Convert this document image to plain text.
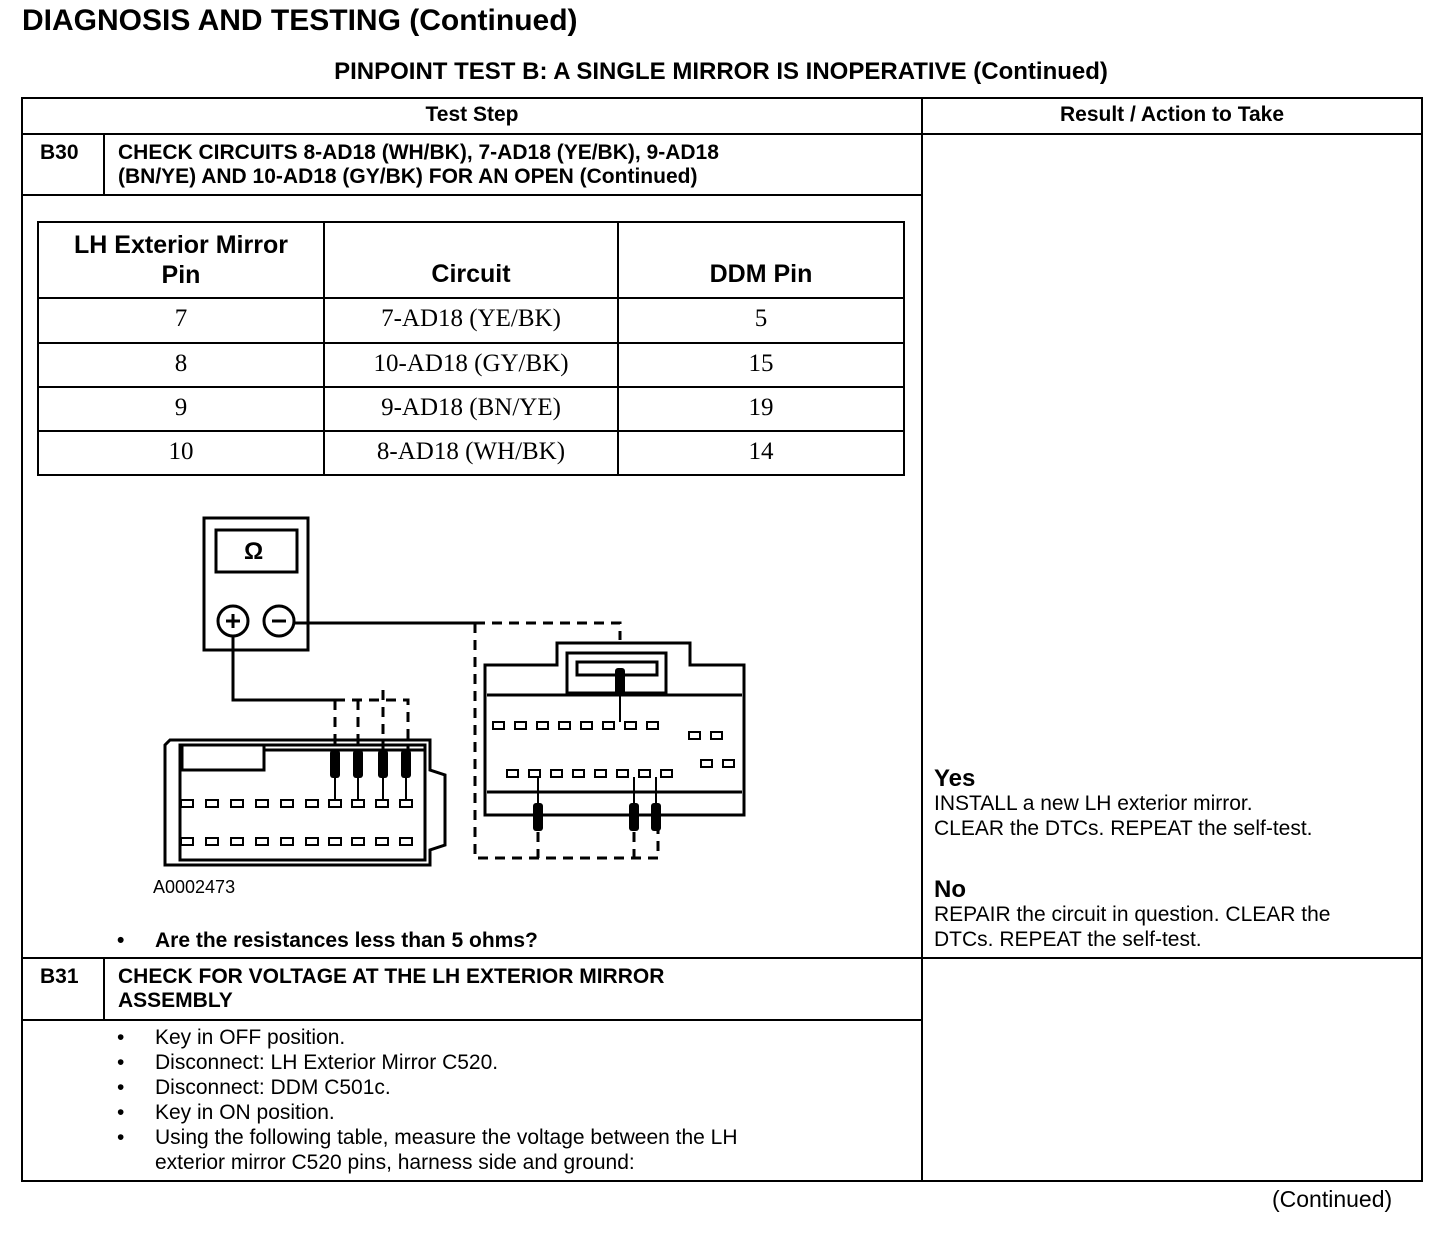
DIAGNOSIS AND TESTING (Continued)
PINPOINT TEST B: A SINGLE MIRROR IS INOPERATIVE (Continued)
Test Step	Result / Action to Take
B30 CHECK CIRCUITS 8-AD18 (WH/BK), 7-AD18 (YE/BK), 9-AD18
(BN/YE) AND 10-AD18 (GY/BK) FOR AN OPEN (Continued)
LH Exterior Mirror
Pin	Circuit	DDM Pin
7	7-AD18 (YE/BK)	5
8	10-AD18 (GY/BK)	15
9	9-AD18 (BN/YE)	19
10	8-AD18 (WH/BK)	14
Ω
A0002473
• Are the resistances less than 5 ohms?
Yes
INSTALL a new LH exterior mirror.
CLEAR the DTCs. REPEAT the self-test.
No
REPAIR the circuit in question. CLEAR the
DTCs. REPEAT the self-test.
B31 CHECK FOR VOLTAGE AT THE LH EXTERIOR MIRROR
ASSEMBLY
• Key in OFF position.
• Disconnect: LH Exterior Mirror C520.
• Disconnect: DDM C501c.
• Key in ON position.
• Using the following table, measure the voltage between the LH
exterior mirror C520 pins, harness side and ground:
(Continued)
